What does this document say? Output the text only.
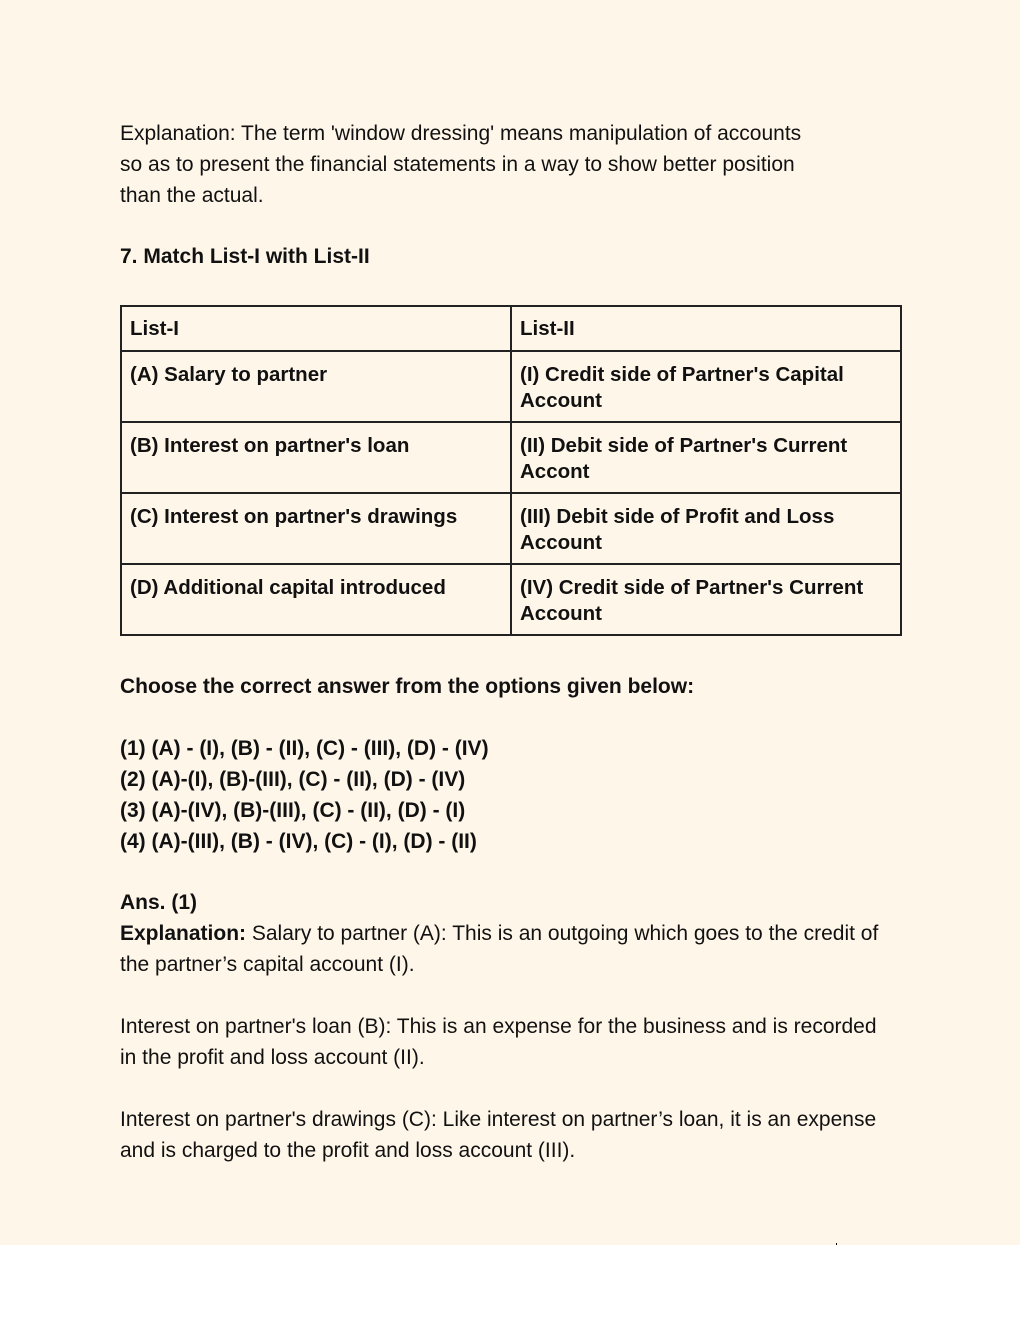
Explanation: The term 'window dressing' means manipulation of accounts

so as to present the financial statements in a way to show better position

than the actual.

7. Match List-I with List-II
List-I	List-II
(A) Salary to partner	(I) Credit side of Partner's Capital Account
(B) Interest on partner's loan	(II) Debit side of Partner's Current Accont
(C) Interest on partner's drawings	(III) Debit side of Profit and Loss Account
(D) Additional capital introduced	(IV) Credit side of Partner's Current Account
Choose the correct answer from the options given below:

(1) (A) - (I), (B) - (II), (C) - (III), (D) - (IV)

(2) (A)-(I), (B)-(III), (C) - (II), (D) - (IV)

(3) (A)-(IV), (B)-(III), (C) - (II), (D) - (I)

(4) (A)-(III), (B) - (IV), (C) - (I), (D) - (II)

Ans. (1)

Explanation: Salary to partner (A): This is an outgoing which goes to the credit of the partner’s capital account (I).

Interest on partner's loan (B): This is an expense for the business and is recorded in the profit and loss account (II).

Interest on partner's drawings (C): Like interest on partner’s loan, it is an expense and is charged to the profit and loss account (III).
